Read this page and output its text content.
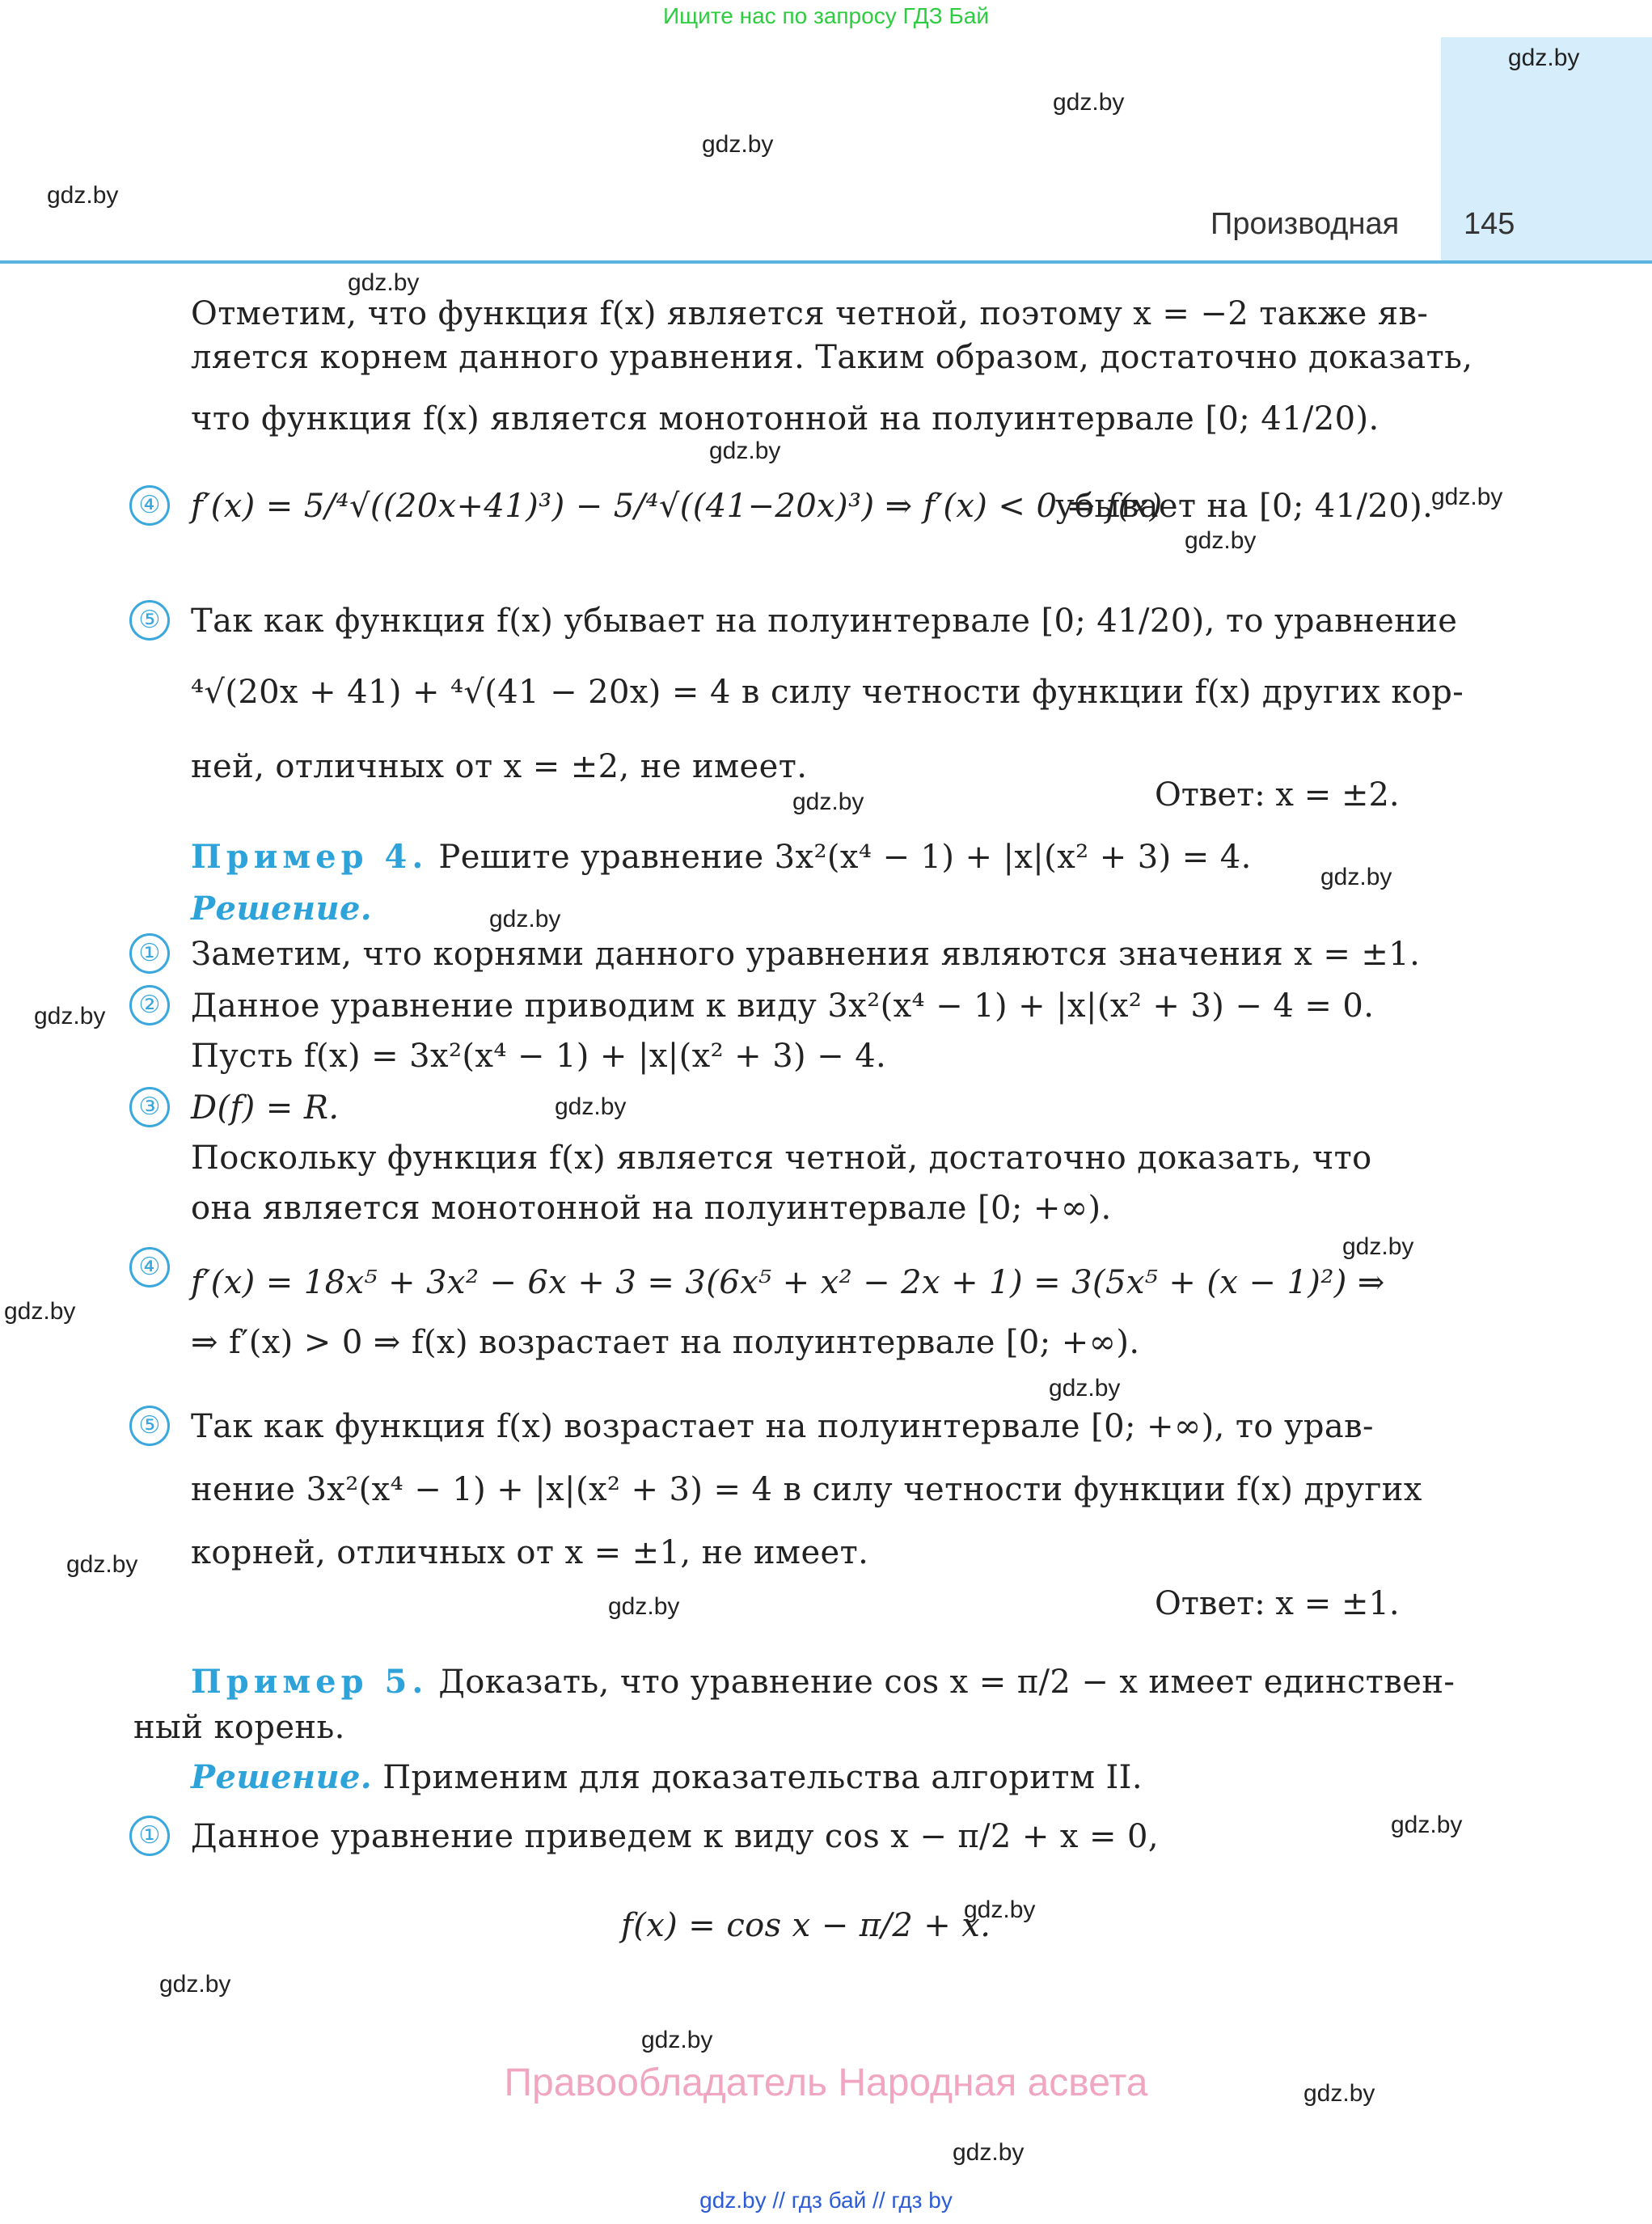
Ищите нас по запросу ГДЗ Бай
Производная 145
gdz.by
gdz.by
gdz.by
gdz.by
gdz.by
gdz.by
gdz.by
gdz.by
gdz.by
gdz.by
gdz.by
gdz.by
gdz.by
gdz.by
gdz.by
gdz.by
gdz.by
gdz.by
gdz.by
gdz.by
gdz.by
gdz.by
gdz.by
gdz.by
Отметим, что функция f(x) является четной, поэтому x = −2 также яв-
ляется корнем данного уравнения. Таким образом, достаточно доказать,
что функция f(x) является монотонной на полуинтервале [0; 41/20).
④ f′(x) = 5/⁴√((20x+41)³) − 5/⁴√((41−20x)³) ⇒ f′(x) < 0 ⇒ f(x)
убывает на [0; 41/20).
⑤ Так как функция f(x) убывает на полуинтервале [0; 41/20), то уравнение
⁴√(20x + 41) + ⁴√(41 − 20x) = 4 в силу четности функции f(x) других кор-
ней, отличных от x = ±2, не имеет.
Ответ: x = ±2.
Пример 4. Решите уравнение 3x²(x⁴ − 1) + |x|(x² + 3) = 4.
Решение.
① Заметим, что корнями данного уравнения являются значения x = ±1.
② Данное уравнение приводим к виду 3x²(x⁴ − 1) + |x|(x² + 3) − 4 = 0.
Пусть f(x) = 3x²(x⁴ − 1) + |x|(x² + 3) − 4.
③ D(f) = R.
Поскольку функция f(x) является четной, достаточно доказать, что
она является монотонной на полуинтервале [0; +∞).
④ f′(x) = 18x⁵ + 3x² − 6x + 3 = 3(6x⁵ + x² − 2x + 1) = 3(5x⁵ + (x − 1)²) ⇒
⇒ f′(x) > 0 ⇒ f(x) возрастает на полуинтервале [0; +∞).
⑤ Так как функция f(x) возрастает на полуинтервале [0; +∞), то урав-
нение 3x²(x⁴ − 1) + |x|(x² + 3) = 4 в силу четности функции f(x) других
корней, отличных от x = ±1, не имеет.
Ответ: x = ±1.
Пример 5. Доказать, что уравнение cos x = π/2 − x имеет единствен-
ный корень.
Решение. Применим для доказательства алгоритм II.
① Данное уравнение приведем к виду cos x − π/2 + x = 0,
f(x) = cos x − π/2 + x.
Правообладатель Народная асвета
gdz.by // гдз бай // гдз by
